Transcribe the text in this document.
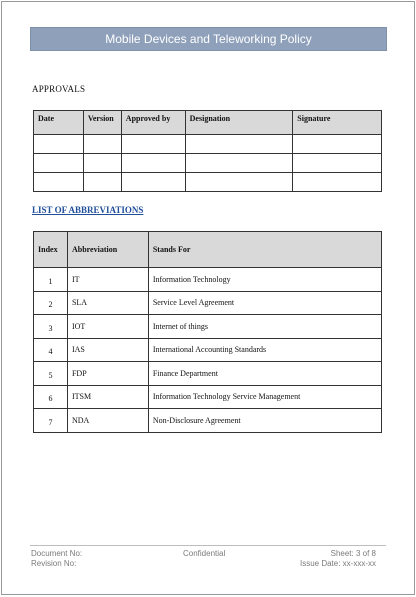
Mobile Devices and Teleworking Policy
APPROVALS
Date	Version	Approved by	Designation	Signature

LIST OF ABBREVIATIONS
Index	Abbreviation	Stands For
1	IT	Information Technology
2	SLA	Service Level Agreement
3	IOT	Internet of things
4	IAS	International Accounting Standards
5	FDP	Finance Department
6	ITSM	Information Technology Service Management
7	NDA	Non-Disclosure Agreement
Document No:
Revision No:
Confidential	Sheet: 3 of 8
Issue Date: xx-xxx-xx
